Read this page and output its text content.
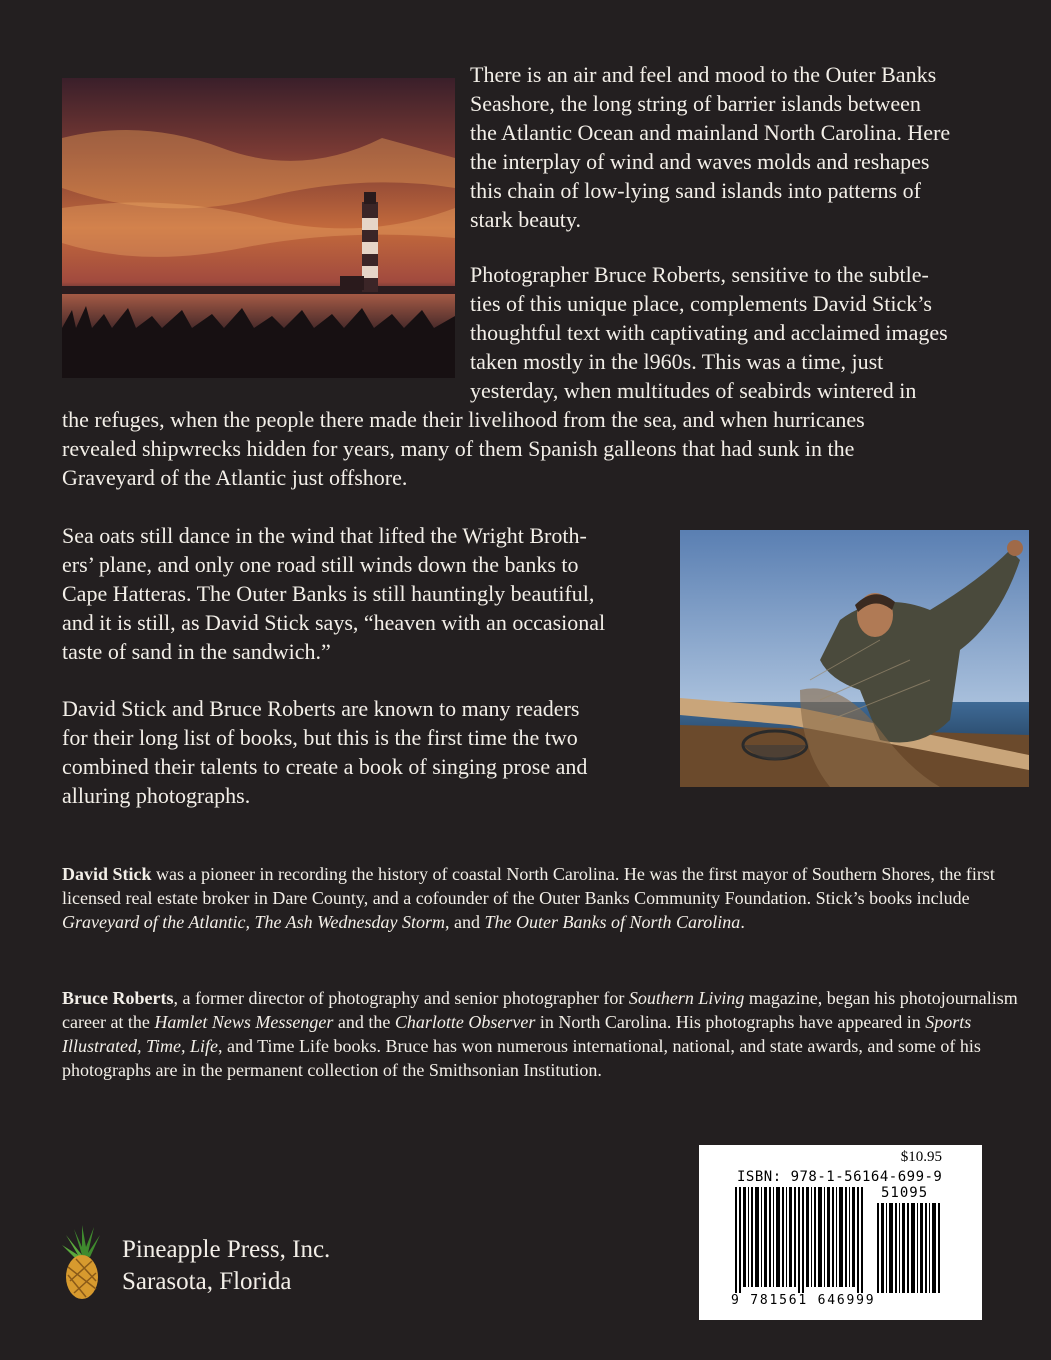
There is an air and feel and mood to the Outer Banks
Seashore, the long string of barrier islands between
the Atlantic Ocean and mainland North Carolina. Here
the interplay of wind and waves molds and reshapes
this chain of low-lying sand islands into patterns of
stark beauty.
Photographer Bruce Roberts, sensitive to the subtle-
ties of this unique place, complements David Stick’s
thoughtful text with captivating and acclaimed images
taken mostly in the l960s. This was a time, just
yesterday, when multitudes of seabirds wintered in
the refuges, when the people there made their livelihood from the sea, and when hurricanes
revealed shipwrecks hidden for years, many of them Spanish galleons that had sunk in the
Graveyard of the Atlantic just offshore.
Sea oats still dance in the wind that lifted the Wright Broth-
ers’ plane, and only one road still winds down the banks to
Cape Hatteras. The Outer Banks is still hauntingly beautiful,
and it is still, as David Stick says, “heaven with an occasional
taste of sand in the sandwich.”
David Stick and Bruce Roberts are known to many readers
for their long list of books, but this is the first time the two
combined their talents to create a book of singing prose and
alluring photographs.
David Stick was a pioneer in recording the history of coastal North Carolina. He was the first mayor of Southern Shores, the first licensed real estate broker in Dare County, and a cofounder of the Outer Banks Community Foundation. Stick’s books include Graveyard of the Atlantic, The Ash Wednesday Storm, and The Outer Banks of North Carolina.
Bruce Roberts, a former director of photography and senior photographer for Southern Living magazine, began his photojournalism career at the Hamlet News Messenger and the Charlotte Observer in North Carolina. His photographs have appeared in Sports Illustrated, Time, Life, and Time Life books. Bruce has won numerous international, national, and state awards, and some of his photographs are in the permanent collection of the Smithsonian Institution.
Pineapple Press, Inc.
Sarasota, Florida
$10.95
ISBN: 978-1-56164-699-9
51095
9 781561 646999
